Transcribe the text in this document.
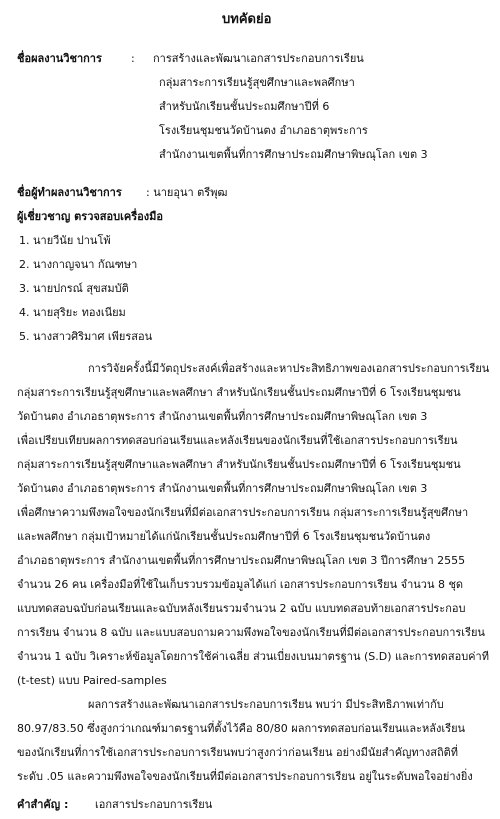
บทคัดย่อ
ชื่อผลงานวิชาการ	: การสร้างและพัฒนาเอกสารประกอบการเรียน
กลุ่มสาระการเรียนรู้สุขศึกษาและพลศึกษา
สำหรับนักเรียนชั้นประถมศึกษาปีที่ 6
โรงเรียนชุมชนวัดบ้านตง อำเภอธาตุพระการ
สำนักงานเขตพื้นที่การศึกษาประถมศึกษาพิษณุโลก เขต 3
ชื่อผู้ทำผลงานวิชาการ : นายอุนา ตรีพุฒ
ผู้เชี่ยวชาญ ตรวจสอบเครื่องมือ
1. นายวีนัย ปานโพ้
2. นางกาญจนา กัณฑษา
3. นายปกรณ์ สุขสมบัติ
4. นายสุริยะ ทองเนียม
5. นางสาวศิริมาศ เพียรสอน
การวิจัยครั้งนี้มีวัตถุประสงค์เพื่อสร้างและหาประสิทธิภาพของเอกสารประกอบการเรียน
กลุ่มสาระการเรียนรู้สุขศึกษาและพลศึกษา สำหรับนักเรียนชั้นประถมศึกษาปีที่ 6 โรงเรียนชุมชน
วัดบ้านตง อำเภอธาตุพระการ สำนักงานเขตพื้นที่การศึกษาประถมศึกษาพิษณุโลก เขต 3
เพื่อเปรียบเทียบผลการทดสอบก่อนเรียนและหลังเรียนของนักเรียนที่ใช้เอกสารประกอบการเรียน
กลุ่มสาระการเรียนรู้สุขศึกษาและพลศึกษา สำหรับนักเรียนชั้นประถมศึกษาปีที่ 6 โรงเรียนชุมชน
วัดบ้านตง อำเภอธาตุพระการ สำนักงานเขตพื้นที่การศึกษาประถมศึกษาพิษณุโลก เขต 3
เพื่อศึกษาความพึงพอใจของนักเรียนที่มีต่อเอกสารประกอบการเรียน กลุ่มสาระการเรียนรู้สุขศึกษา
และพลศึกษา กลุ่มเป้าหมายได้แก่นักเรียนชั้นประถมศึกษาปีที่ 6 โรงเรียนชุมชนวัดบ้านตง
อำเภอธาตุพระการ สำนักงานเขตพื้นที่การศึกษาประถมศึกษาพิษณุโลก เขต 3 ปีการศึกษา 2555
จำนวน 26 คน เครื่องมือที่ใช้ในเก็บรวบรวมข้อมูลได้แก่ เอกสารประกอบการเรียน จำนวน 8 ชุด
แบบทดสอบฉบับก่อนเรียนและฉบับหลังเรียนรวมจำนวน 2 ฉบับ แบบทดสอบท้ายเอกสารประกอบ
การเรียน จำนวน 8 ฉบับ และแบบสอบถามความพึงพอใจของนักเรียนที่มีต่อเอกสารประกอบการเรียน
จำนวน 1 ฉบับ วิเคราะห์ข้อมูลโดยการใช้ค่าเฉลี่ย ส่วนเบี่ยงเบนมาตรฐาน (S.D) และการทดสอบค่าที
(t-test) แบบ Paired-samples
ผลการสร้างและพัฒนาเอกสารประกอบการเรียน พบว่า มีประสิทธิภาพเท่ากับ
80.97/83.50 ซึ่งสูงกว่าเกณฑ์มาตรฐานที่ตั้งไว้คือ 80/80 ผลการทดสอบก่อนเรียนและหลังเรียน
ของนักเรียนที่การใช้เอกสารประกอบการเรียนพบว่าสูงกว่าก่อนเรียน อย่างมีนัยสำคัญทางสถิติที่
ระดับ .05 และความพึงพอใจของนักเรียนที่มีต่อเอกสารประกอบการเรียน อยู่ในระดับพอใจอย่างยิ่ง
คำสำคัญ : เอกสารประกอบการเรียน
